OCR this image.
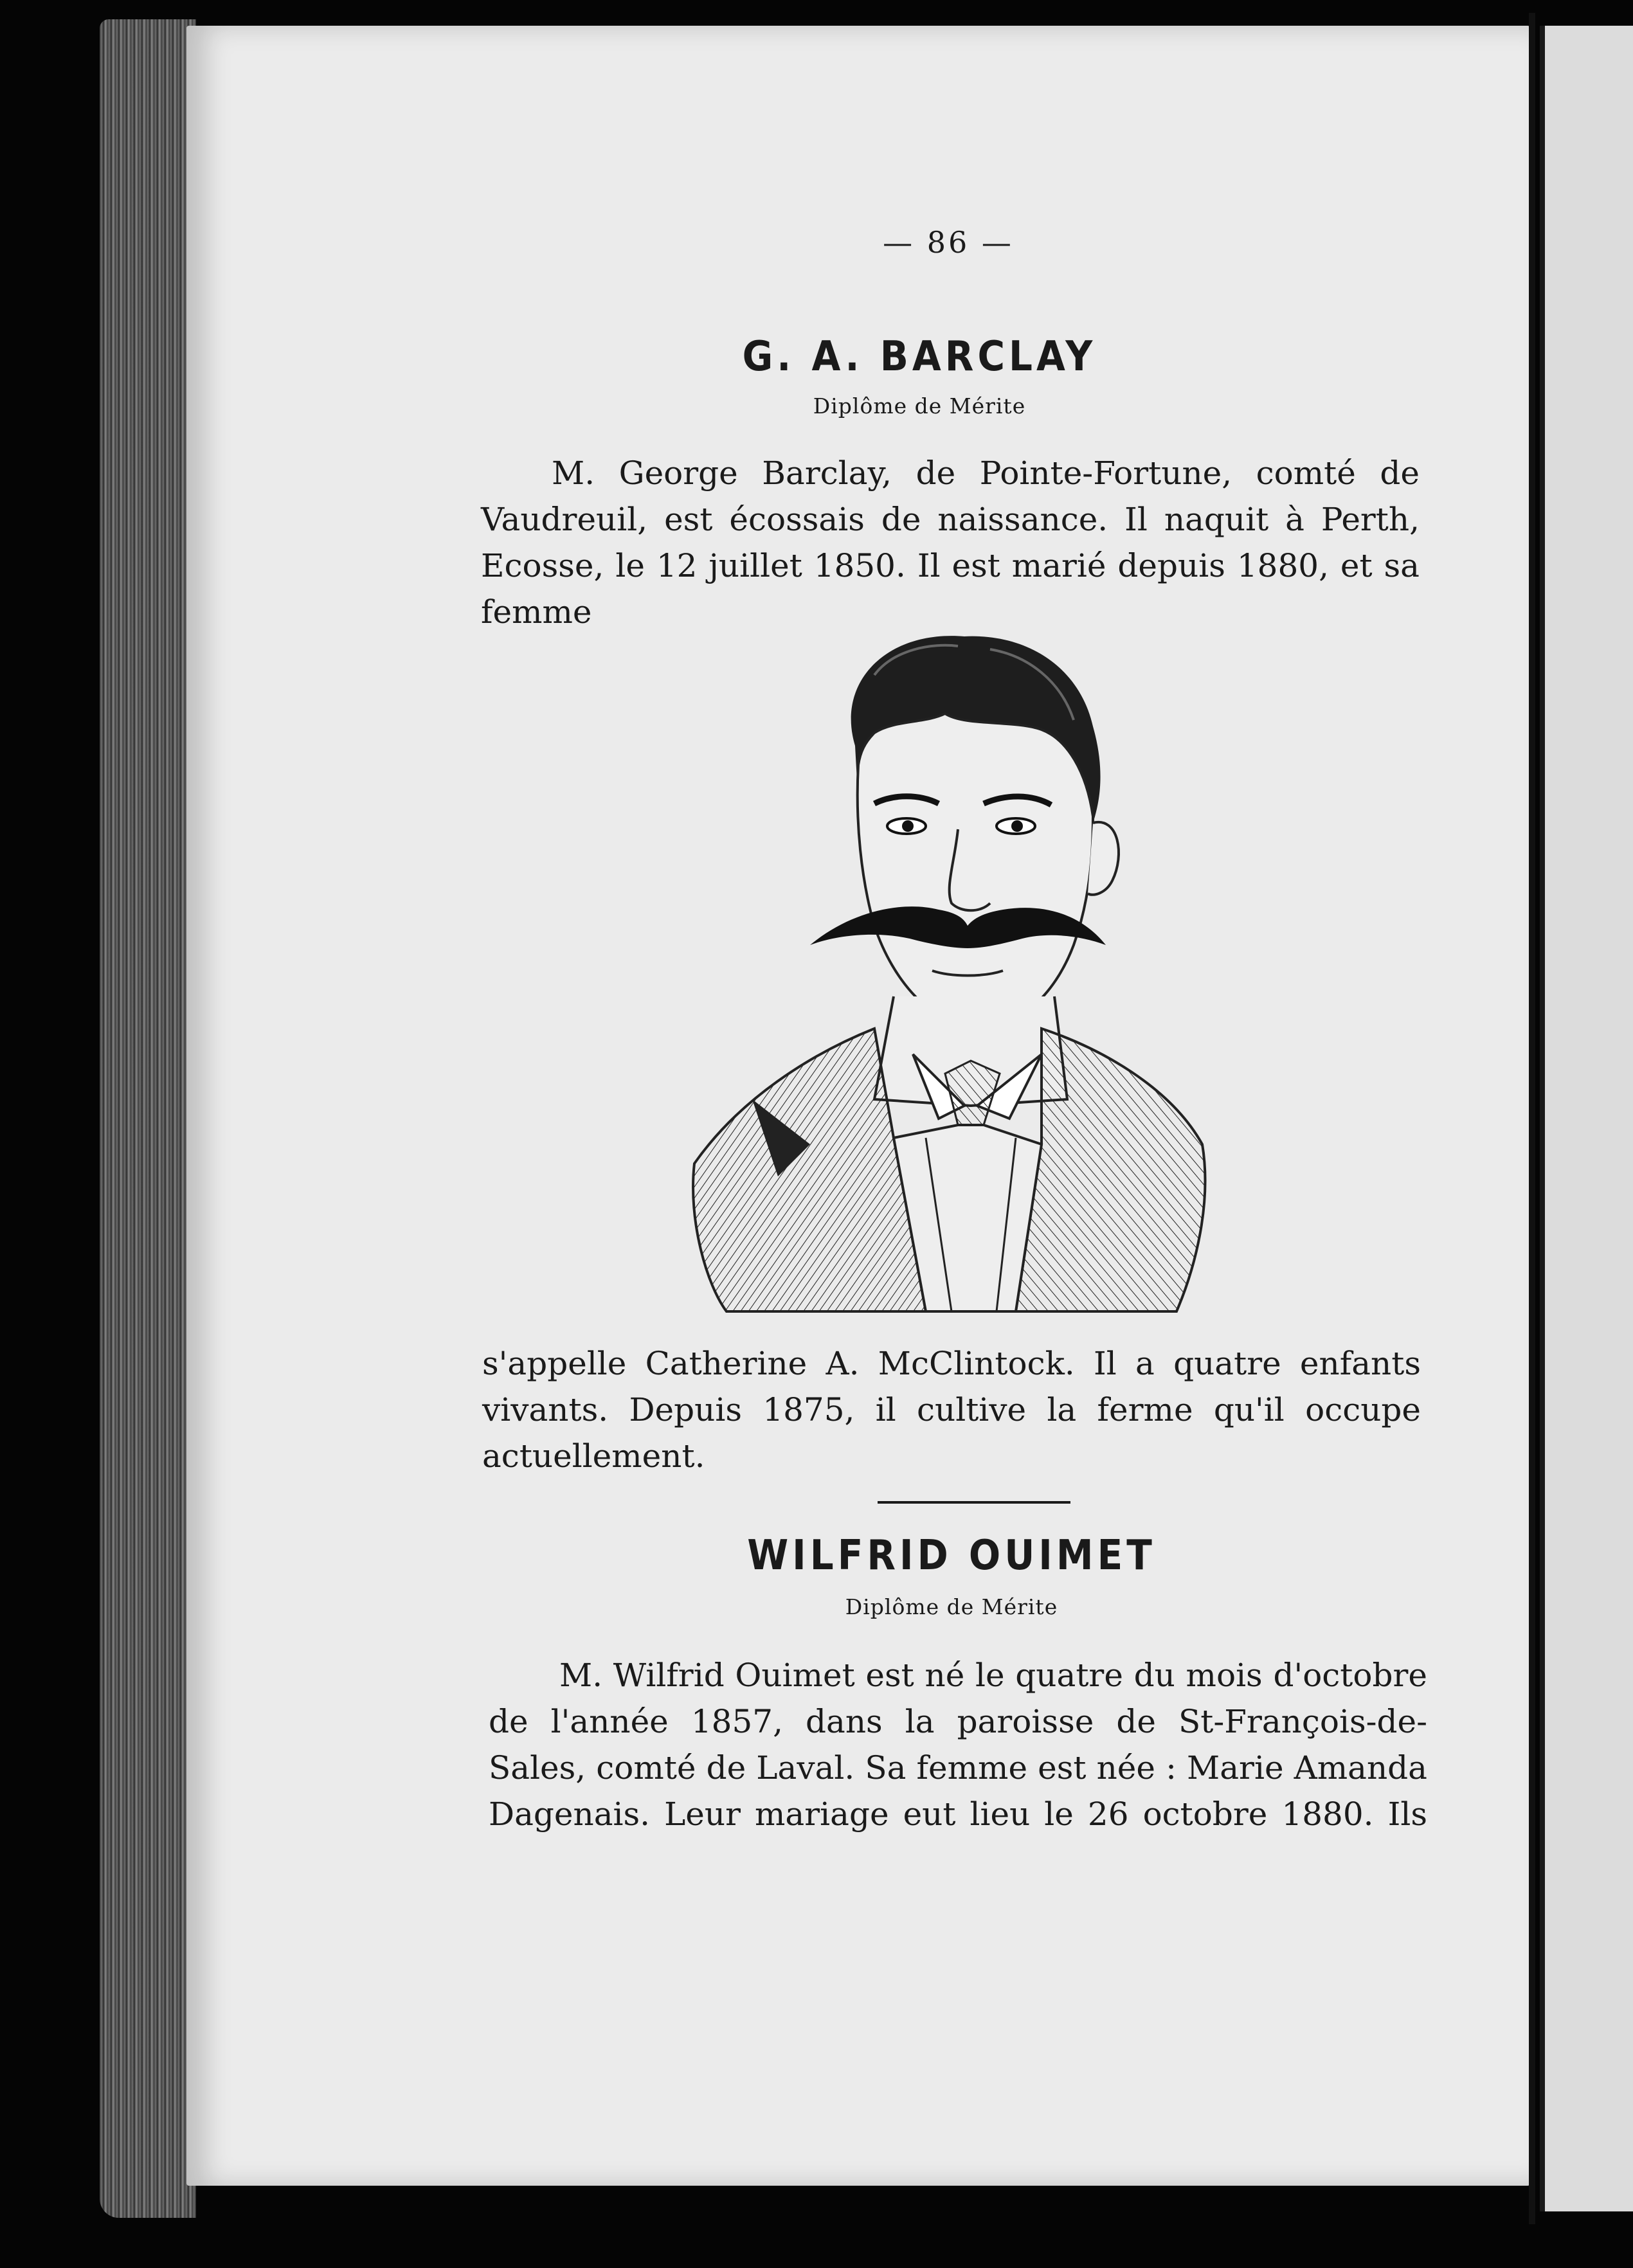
— 86 —
G. A. BARCLAY
Diplôme de Mérite
M. George Barclay, de Pointe-Fortune, comté de Vaudreuil, est écossais de naissance. Il naquit à Perth, Ecosse, le 12 juillet 1850. Il est marié depuis 1880, et sa femme
s'appelle Catherine A. McClintock. Il a quatre enfants vivants. Depuis 1875, il cultive la ferme qu'il occupe actuellement.
WILFRID OUIMET
Diplôme de Mérite
M. Wilfrid Ouimet est né le quatre du mois d'octobre de l'année 1857, dans la paroisse de St-François-de-Sales, comté de Laval. Sa femme est née : Marie Amanda Dagenais. Leur mariage eut lieu le 26 octobre 1880. Ils
